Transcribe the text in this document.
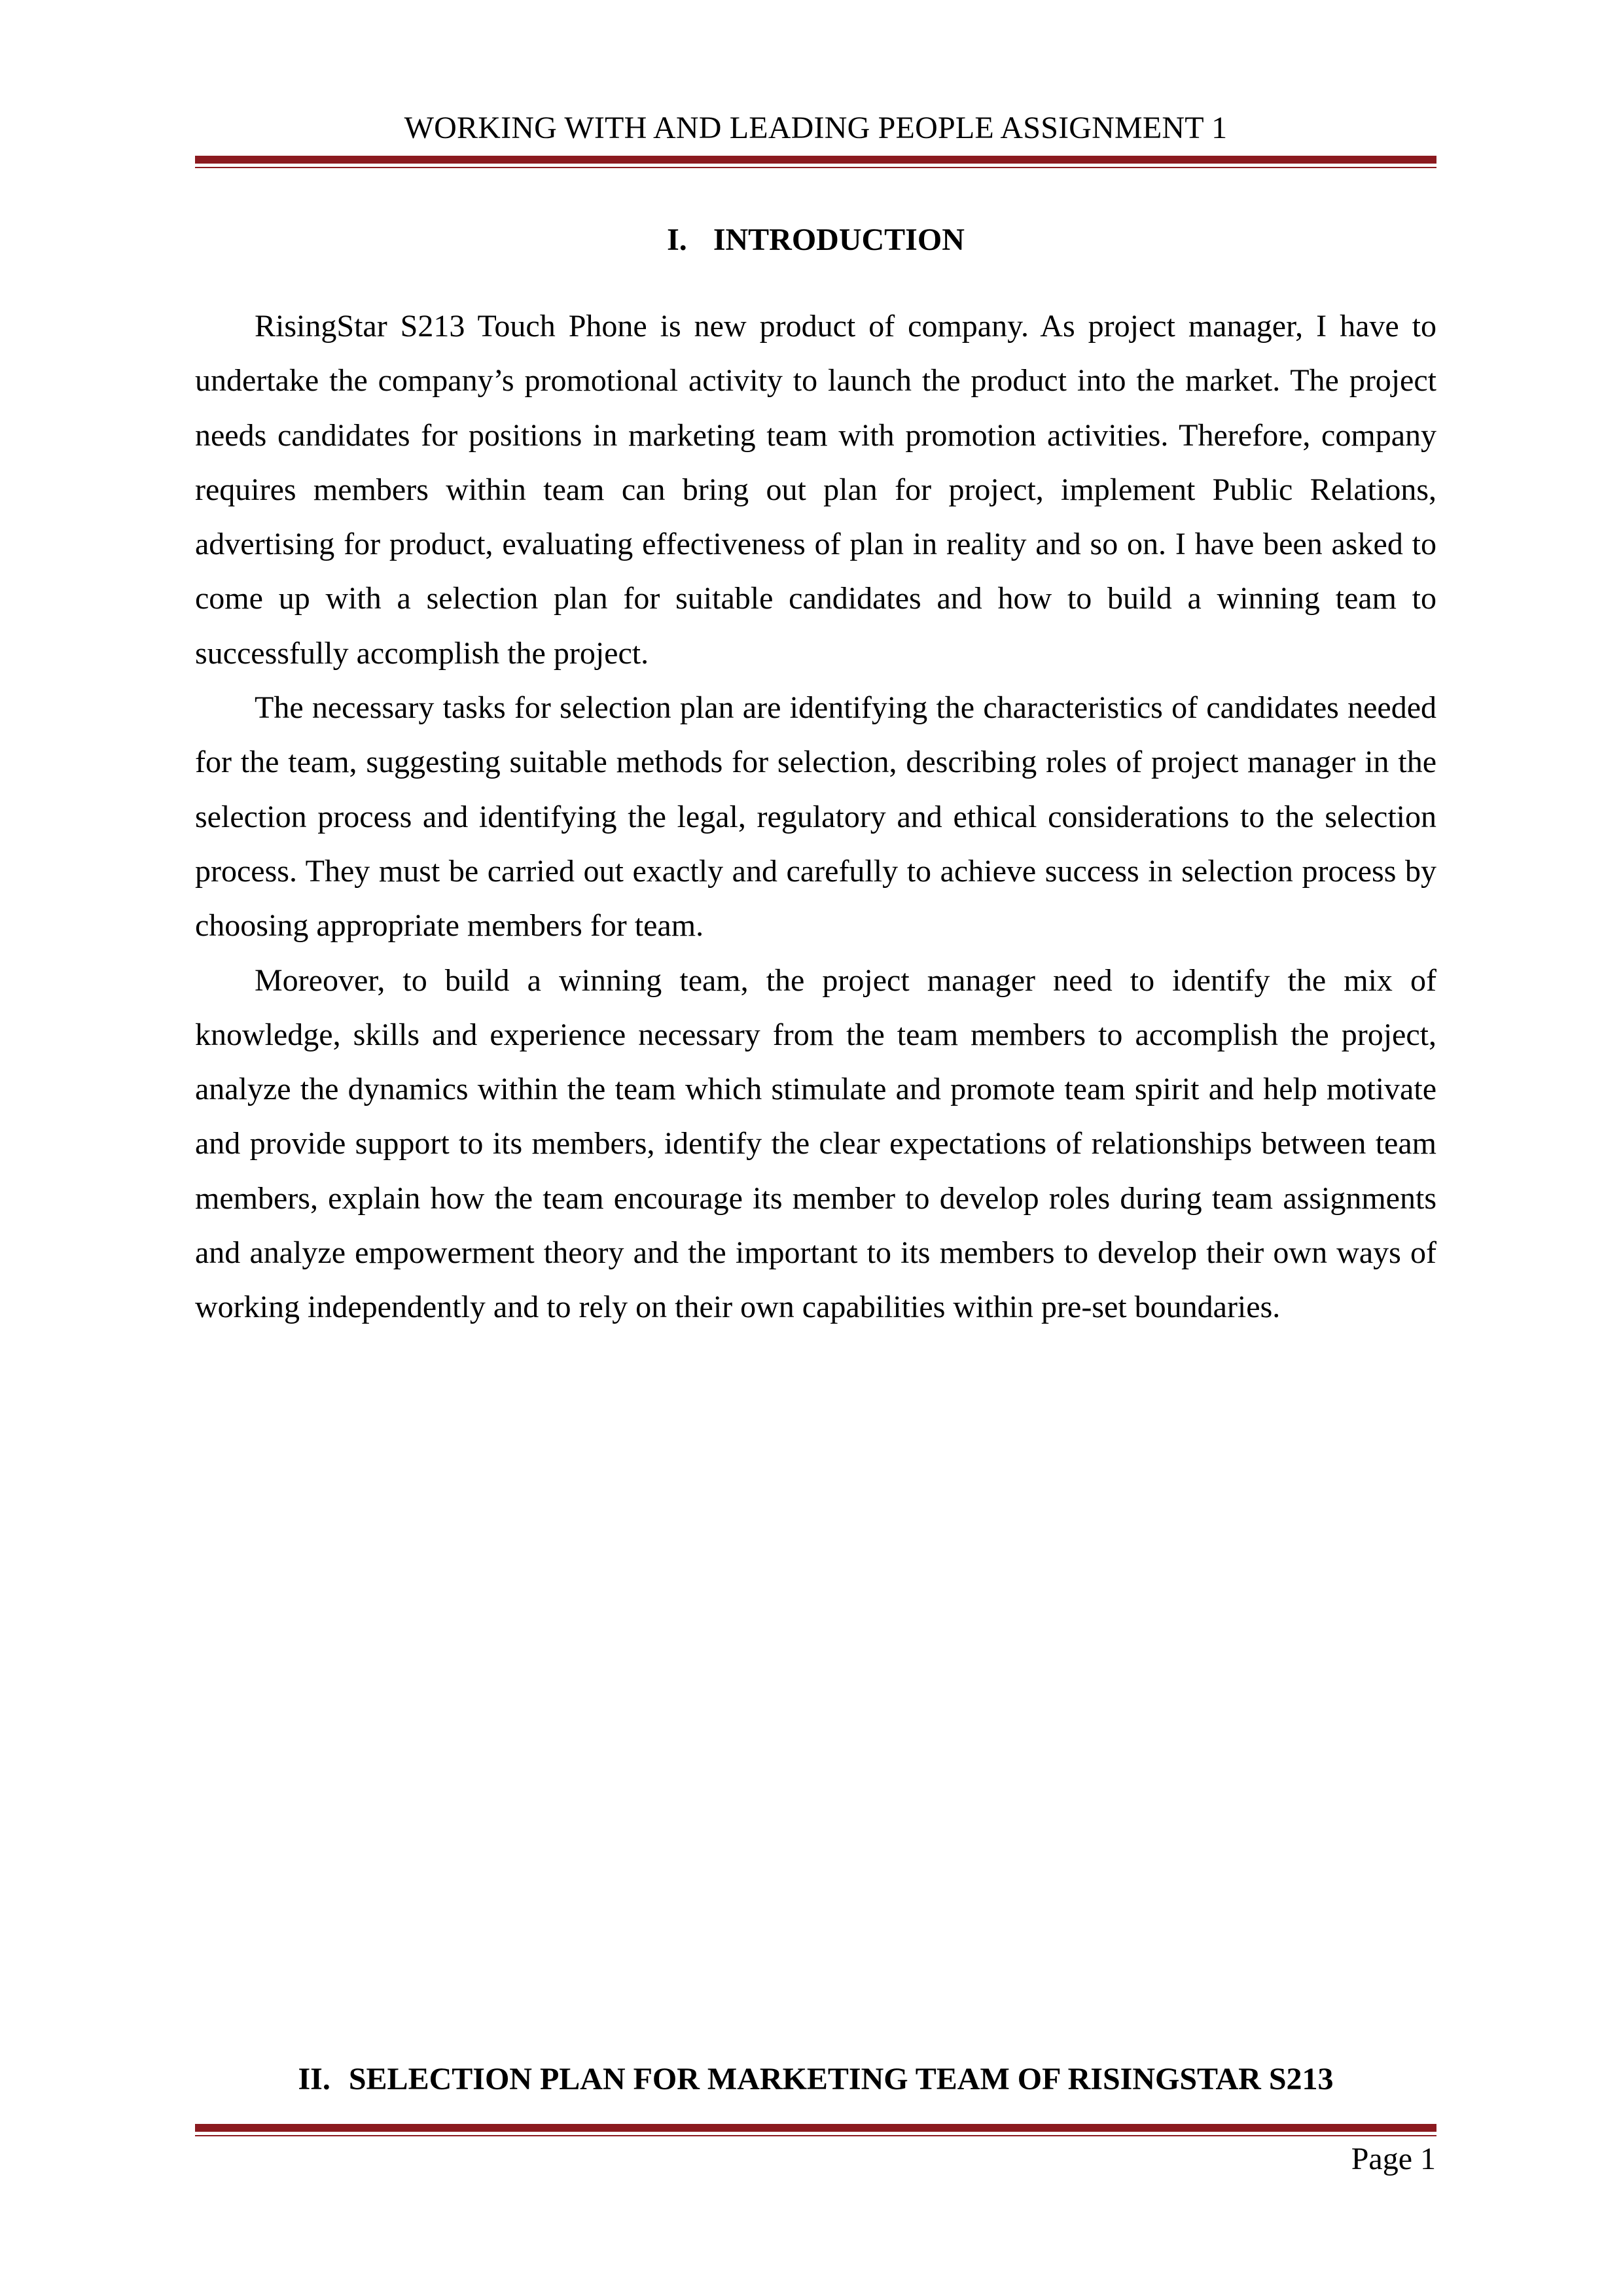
WORKING WITH AND LEADING PEOPLE ASSIGNMENT 1
I. INTRODUCTION

RisingStar S213 Touch Phone is new product of company. As project manager, I have to undertake the company’s promotional activity to launch the product into the market. The project needs candidates for positions in marketing team with promotion activities. Therefore, company requires members within team can bring out plan for project, implement Public Relations, advertising for product, evaluating effectiveness of plan in reality and so on. I have been asked to come up with a selection plan for suitable candidates and how to build a winning team to successfully accomplish the project.

The necessary tasks for selection plan are identifying the characteristics of candidates needed for the team, suggesting suitable methods for selection, describing roles of project manager in the selection process and identifying the legal, regulatory and ethical considerations to the selection process. They must be carried out exactly and carefully to achieve success in selection process by choosing appropriate members for team.

Moreover, to build a winning team, the project manager need to identify the mix of knowledge, skills and experience necessary from the team members to accomplish the project, analyze the dynamics within the team which stimulate and promote team spirit and help motivate and provide support to its members, identify the clear expectations of relationships between team members, explain how the team encourage its member to develop roles during team assignments and analyze empowerment theory and the important to its members to develop their own ways of working independently and to rely on their own capabilities within pre-set boundaries.

II. SELECTION PLAN FOR MARKETING TEAM OF RISINGSTAR S213
Page 1
